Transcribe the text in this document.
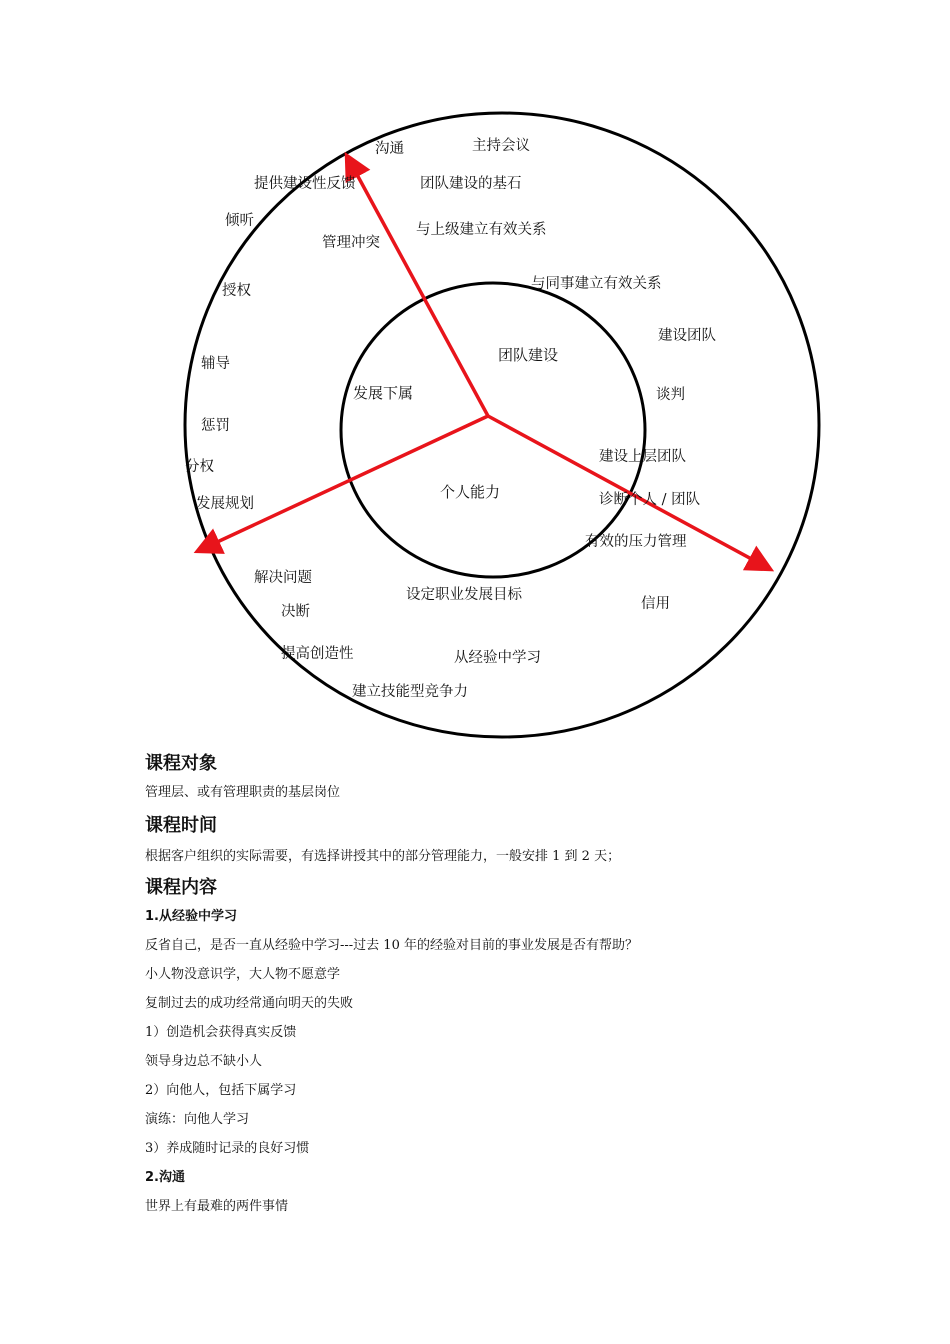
团队建设
发展下属
个人能力
沟通	主持会议
提供建设性反馈	团队建设的基石
倾听
管理冲突
与上级建立有效关系
授权	与同事建立有效关系
建设团队
辅导
谈判
惩罚
建设上层团队
分权
诊断个人 / 团队
发展规划
有效的压力管理
解决问题
设定职业发展目标
决断	信用
提高创造性	从经验中学习
建立技能型竞争力
课程对象
管理层、或有管理职责的基层岗位
课程时间
根据客户组织的实际需要，有选择讲授其中的部分管理能力，一般安排 1 到 2 天；
课程内容
1.从经验中学习
反省自己，是否一直从经验中学习---过去 10 年的经验对目前的事业发展是否有帮助？
小人物没意识学，大人物不愿意学
复制过去的成功经常通向明天的失败
1）创造机会获得真实反馈
领导身边总不缺小人
2）向他人，包括下属学习
演练：向他人学习
3）养成随时记录的良好习惯
2.沟通
世界上有最难的两件事情
